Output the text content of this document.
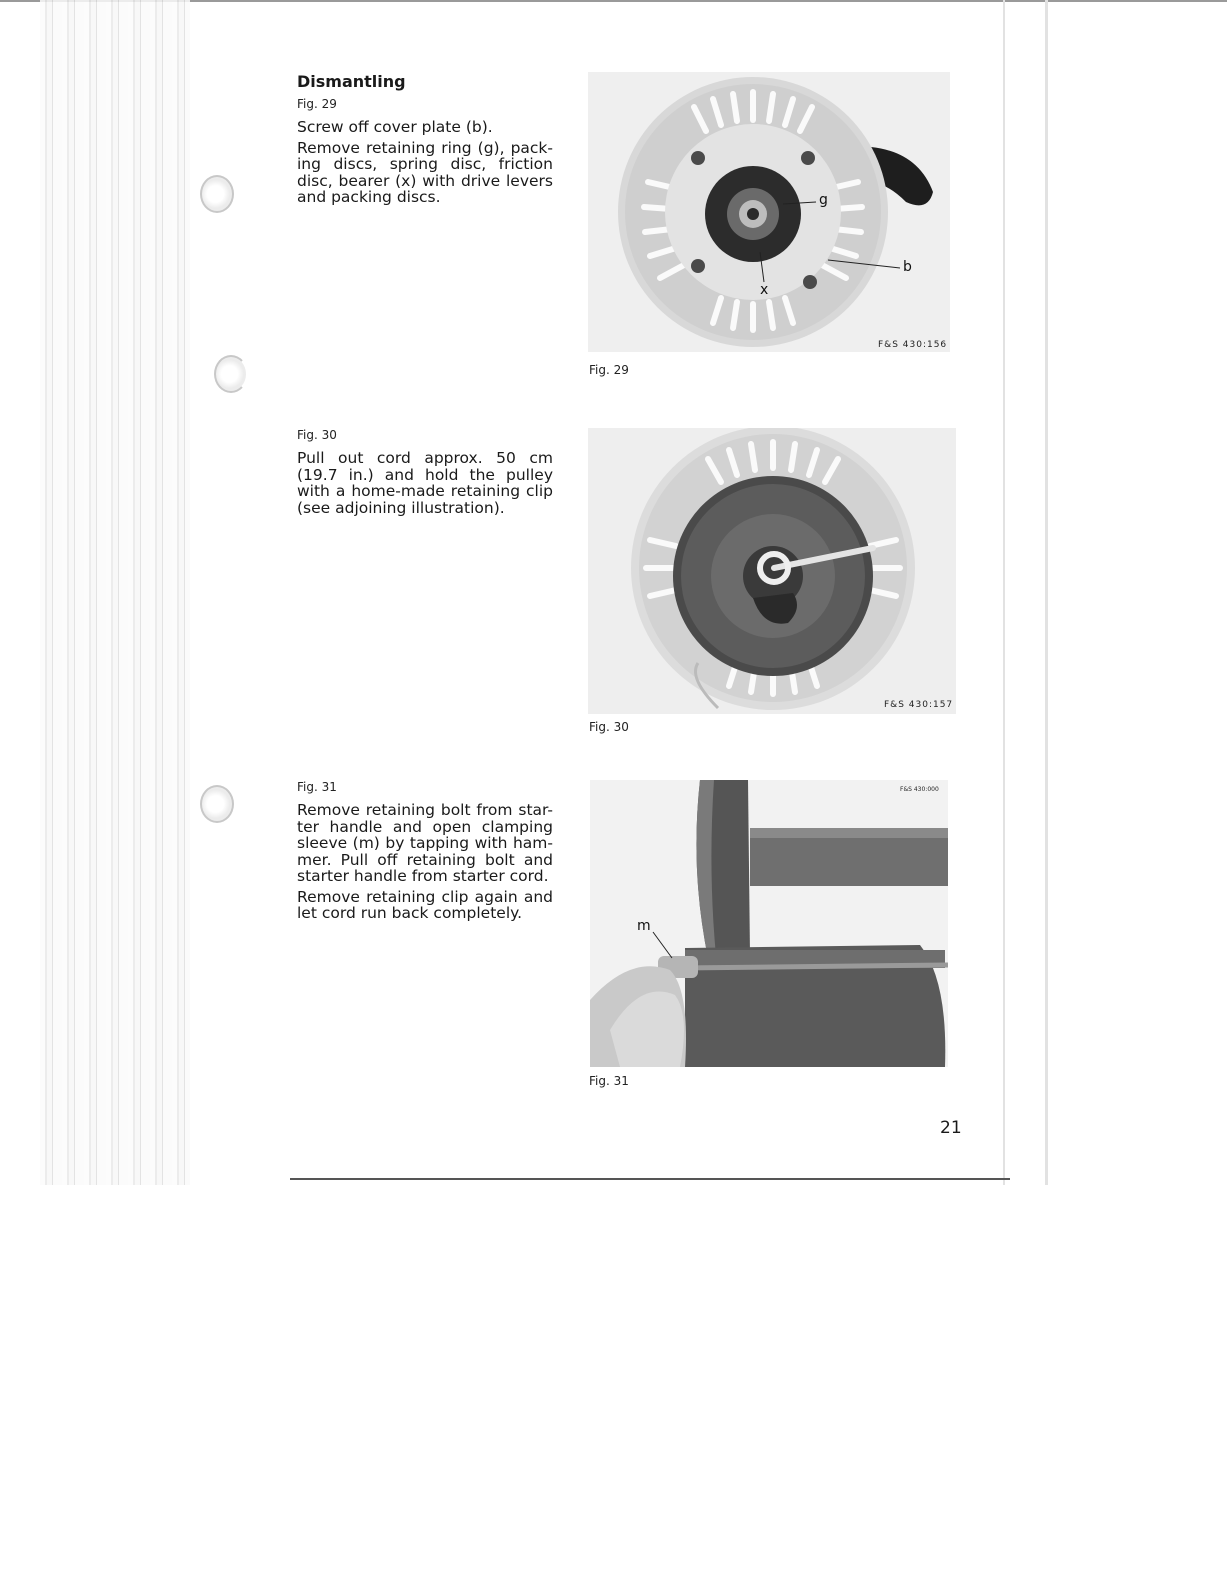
Dismantling

Fig. 29

Screw off cover plate (b).

Remove retaining ring (g), pack-ing discs, spring disc, friction disc, bearer (x) with drive levers and packing discs.	g
b
x
F&S 430:156
Fig. 29

Fig. 30

Pull out cord approx. 50 cm (19.7 in.) and hold the pulley with a home-made retaining clip (see adjoining illustration).

F&S 430:157
Fig. 30

Fig. 31

Remove retaining bolt from star-ter handle and open clamping sleeve (m) by tapping with ham-mer. Pull off retaining bolt and starter handle from starter cord.

Remove retaining clip again and let cord run back completely.

m
F&S 430:000
Fig. 31
21
